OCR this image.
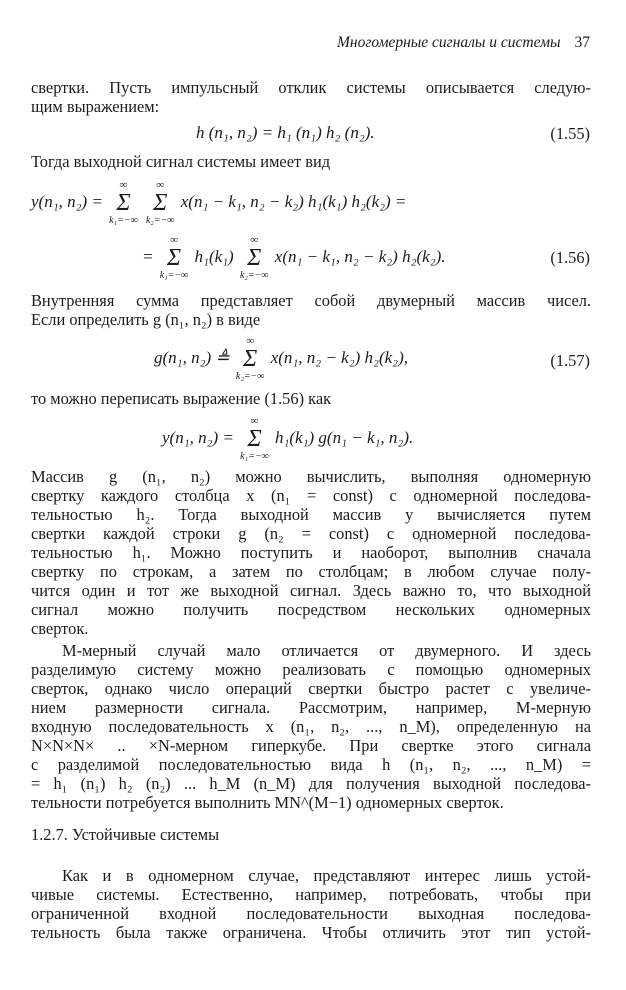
Многомерные сигналы и системы 37
свертки. Пусть импульсный отклик системы описывается следую-
щим выражением:
h (n₁, n₂) = h₁ (n₁) h₂ (n₂).	(1.55)
Тогда выходной сигнал системы имеет вид
y(n₁, n₂) =
∞
Σ
k₁=−∞

∞
Σ
k₂=−∞
x(n₁ − k₁, n₂ − k₂) h₁(k₁) h₂(k₂) =
=
∞
Σ
k₁=−∞
h₁(k₁)
∞
Σ
k₂=−∞
x(n₁ − k₁, n₂ − k₂) h₂(k₂).	(1.56)
Внутренняя сумма представляет собой двумерный массив чисел.
Если определить g (n₁, n₂) в виде
g(n₁, n₂) ≜
∞
Σ
k₂=−∞
x(n₁, n₂ − k₂) h₂(k₂),	(1.57)
то можно переписать выражение (1.56) как
y(n₁, n₂) =
∞
Σ
k₁=−∞
h₁(k₁) g(n₁ − k₁, n₂).
Массив g (n₁, n₂) можно вычислить, выполняя одномерную
свертку каждого столбца x (n₁ = const) с одномерной последова-
тельностью h₂. Тогда выходной массив y вычисляется путем
свертки каждой строки g (n₂ = const) с одномерной последова-
тельностью h₁. Можно поступить и наоборот, выполнив сначала
свертку по строкам, а затем по столбцам; в любом случае полу-
чится один и тот же выходной сигнал. Здесь важно то, что выходной
сигнал можно получить посредством нескольких одномерных
сверток.
M-мерный случай мало отличается от двумерного. И здесь
разделимую систему можно реализовать с помощью одномерных
сверток, однако число операций свертки быстро растет с увеличе-
нием размерности сигнала. Рассмотрим, например, M-мерную
входную последовательность x (n₁, n₂, ..., n_M), определенную на
N×N×N× .. ×N-мерном гиперкубе. При свертке этого сигнала
с разделимой последовательностью вида h (n₁, n₂, ..., n_M) =
= h₁ (n₁) h₂ (n₂) ... h_M (n_M) для получения выходной последова-
тельности потребуется выполнить MN^(M−1) одномерных сверток.
1.2.7. Устойчивые системы
Как и в одномерном случае, представляют интерес лишь устой-
чивые системы. Естественно, например, потребовать, чтобы при
ограниченной входной последовательности выходная последова-
тельность была также ограничена. Чтобы отличить этот тип устой-
